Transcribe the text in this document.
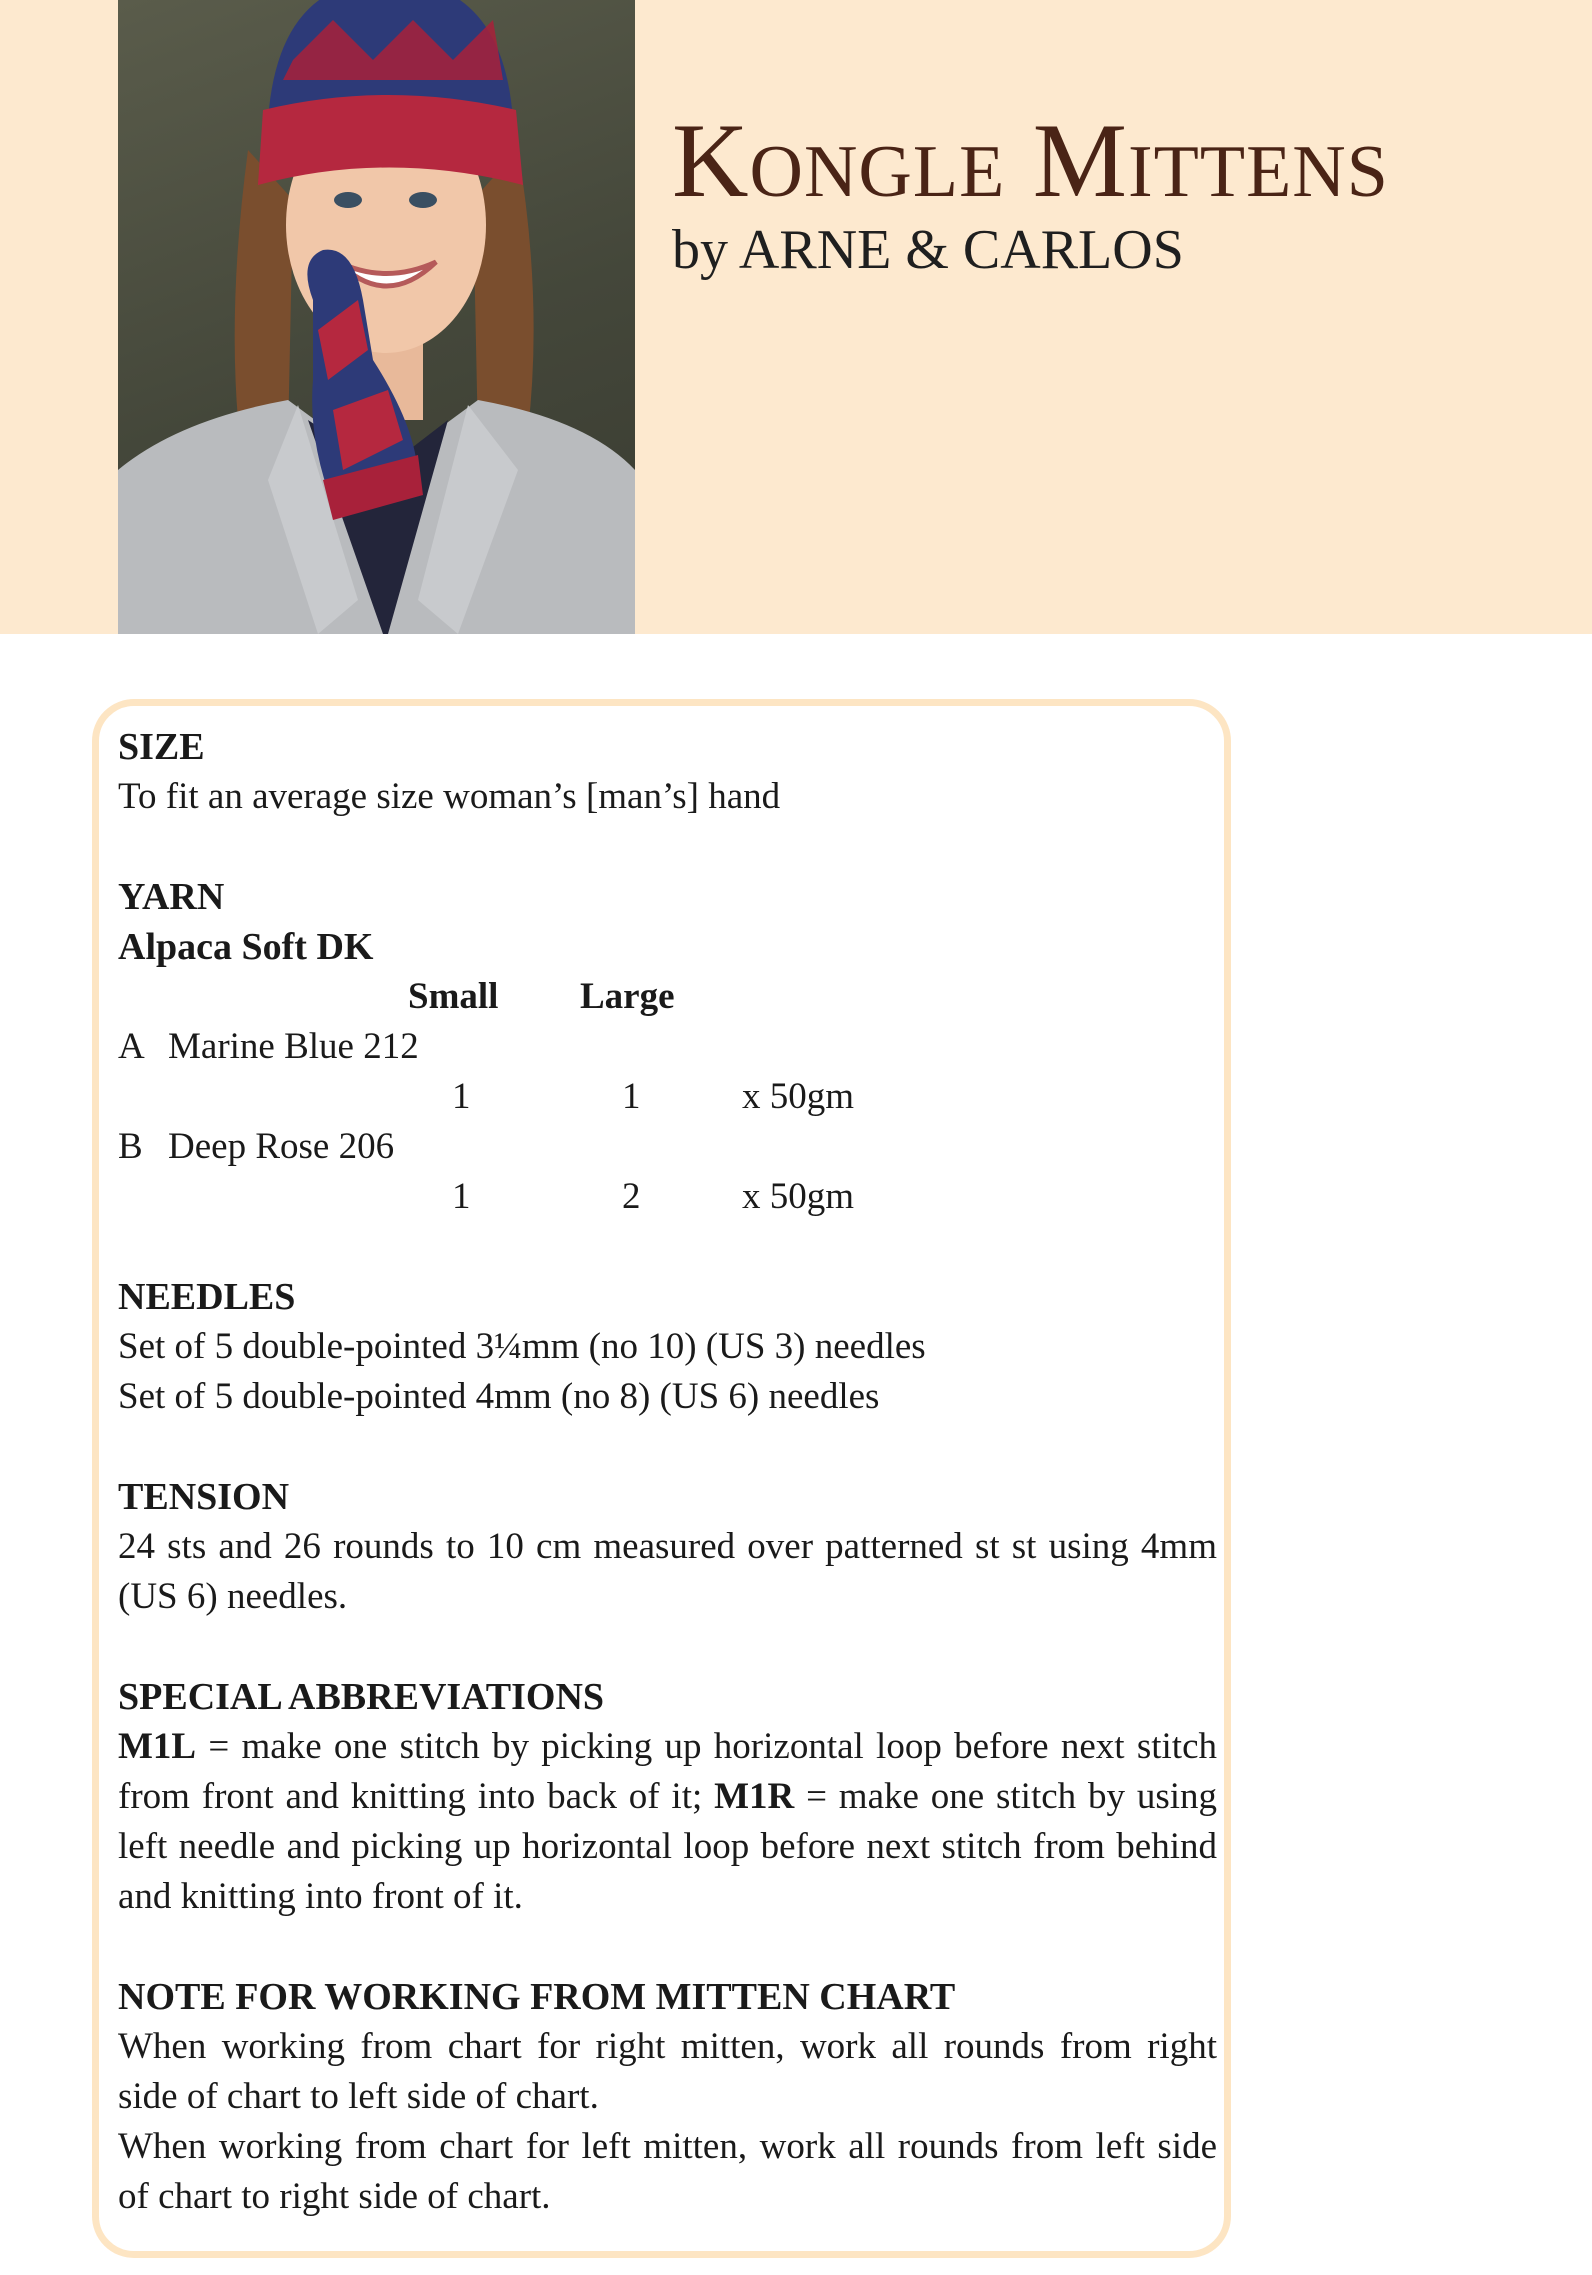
Kongle Mittens
by ARNE & CARLOS
SIZE
To fit an average size woman’s [man’s] hand
YARN
Alpaca Soft DK
Small Large
A Marine Blue 212
1	1	x 50gm
B Deep Rose 206
1	2	x 50gm
NEEDLES
Set of 5 double-pointed 3¼mm (no 10) (US 3) needles
Set of 5 double-pointed 4mm (no 8) (US 6) needles
TENSION
24 sts and 26 rounds to 10 cm measured over patterned st st using 4mm (US 6) needles.
SPECIAL ABBREVIATIONS
M1L = make one stitch by picking up horizontal loop before next stitch from front and knitting into back of it; M1R = make one stitch by using left needle and picking up horizontal loop before next stitch from behind and knitting into front of it.
NOTE FOR WORKING FROM MITTEN CHART
When working from chart for right mitten, work all rounds from right side of chart to left side of chart.
When working from chart for left mitten, work all rounds from left side of chart to right side of chart.
